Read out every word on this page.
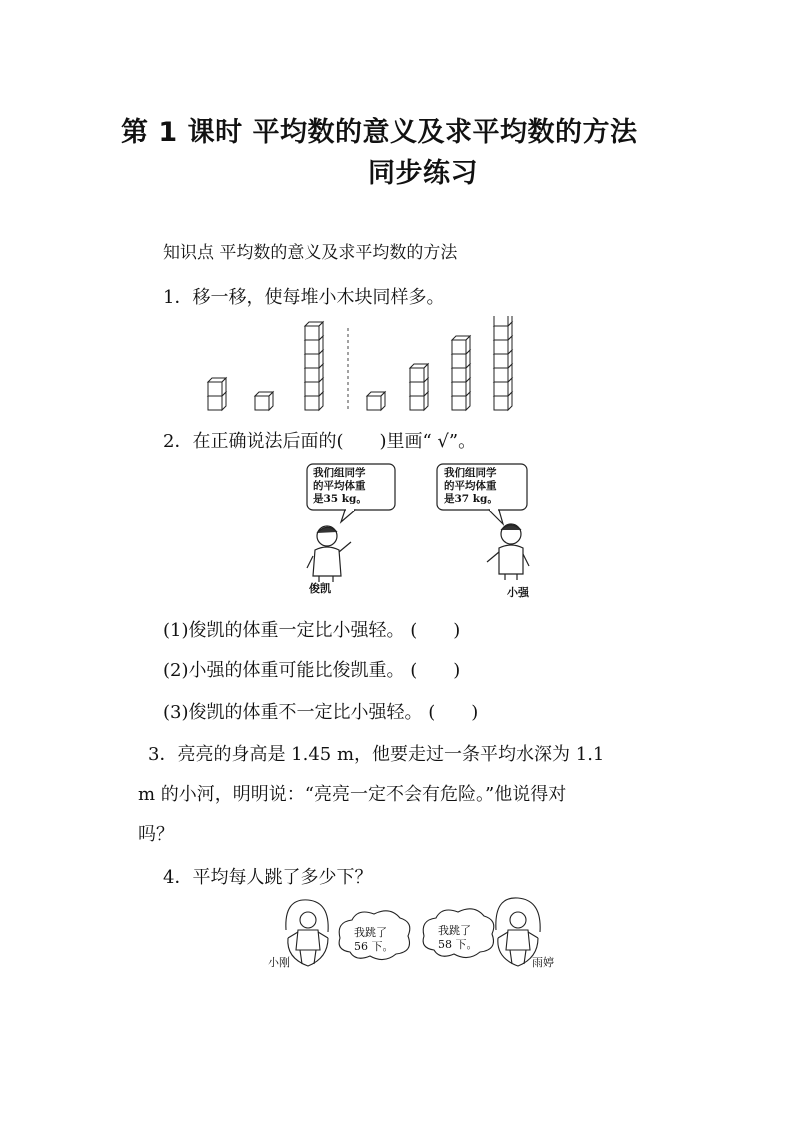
第 1 课时 平均数的意义及求平均数的方法
同步练习
知识点 平均数的意义及求平均数的方法
1．移一移，使每堆小木块同样多。
2．在正确说法后面的(　　)里画“ √”。
我们组同学
的平均体重
是35 kg。
我们组同学
的平均体重
是37 kg。
俊凯	小强
(1)俊凯的体重一定比小强轻。 (　　)
(2)小强的体重可能比俊凯重。 (　　)
(3)俊凯的体重不一定比小强轻。 (　　)
3．亮亮的身高是 1.45 m，他要走过一条平均水深为 1.1
m 的小河，明明说：“亮亮一定不会有危险。”他说得对
吗？
4．平均每人跳了多少下？
我跳了
56 下。
我跳了
58 下。
小刚	雨婷
